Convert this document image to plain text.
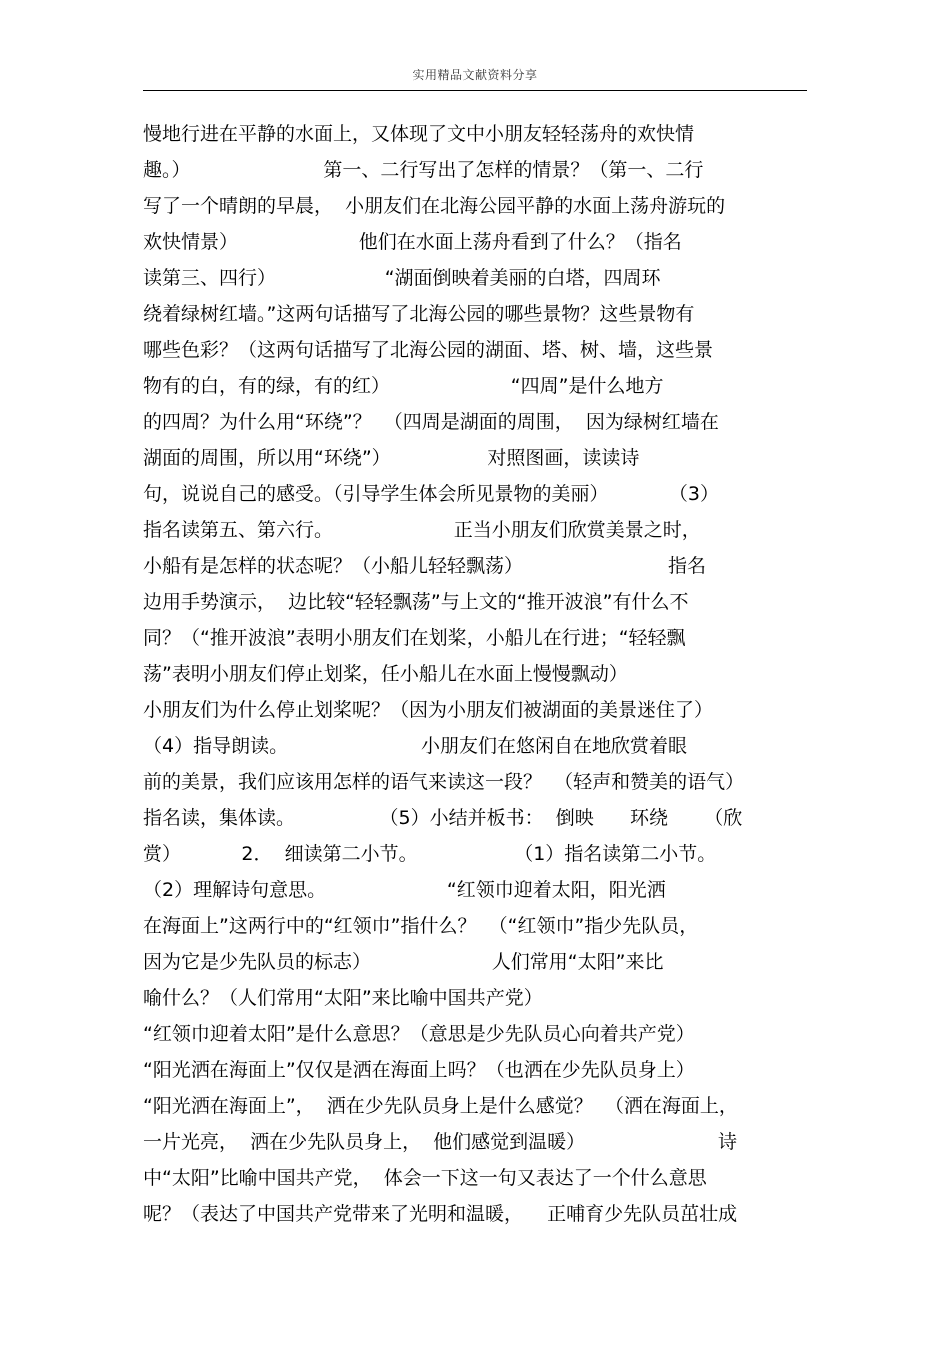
实用精品文献资料分享
慢地行进在平静的水面上，又体现了文中小朋友轻轻荡舟的欢快情
趣。）                      第一、二行写出了怎样的情景？（第一、二行
写了一个晴朗的早晨，  小朋友们在北海公园平静的水面上荡舟游玩的
欢快情景）                    他们在水面上荡舟看到了什么？（指名
读第三、四行）                  “湖面倒映着美丽的白塔，四周环
绕着绿树红墙。”这两句话描写了北海公园的哪些景物？这些景物有
哪些色彩？（这两句话描写了北海公园的湖面、塔、树、墙，这些景
物有的白，有的绿，有的红）                    “四周”是什么地方
的四周？为什么用“环绕”？  （四周是湖面的周围，  因为绿树红墙在
湖面的周围，所以用“环绕”）                对照图画，读读诗
句，说说自己的感受。（引导学生体会所见景物的美丽）          （3）
指名读第五、第六行。                    正当小朋友们欣赏美景之时，
小船有是怎样的状态呢？（小船儿轻轻飘荡）                        指名
边用手势演示，  边比较“轻轻飘荡”与上文的“推开波浪”有什么不
同？（“推开波浪”表明小朋友们在划桨，小船儿在行进；“轻轻飘
荡”表明小朋友们停止划桨，任小船儿在水面上慢慢飘动）
小朋友们为什么停止划桨呢？（因为小朋友们被湖面的美景迷住了）
（4）指导朗读。                      小朋友们在悠闲自在地欣赏着眼
前的美景，我们应该用怎样的语气来读这一段？  （轻声和赞美的语气）
指名读，集体读。              （5）小结并板书：  倒映      环绕      （欣
赏）          2．  细读第二小节。                （1）指名读第二小节。
（2）理解诗句意思。                    “红领巾迎着太阳，阳光洒
在海面上”这两行中的“红领巾”指什么？  （“红领巾”指少先队员，
因为它是少先队员的标志）                    人们常用“太阳”来比
喻什么？（人们常用“太阳”来比喻中国共产党）
“红领巾迎着太阳”是什么意思？（意思是少先队员心向着共产党）
“阳光洒在海面上”仅仅是洒在海面上吗？（也洒在少先队员身上）
“阳光洒在海面上”，  洒在少先队员身上是什么感觉？  （洒在海面上，
一片光亮，  洒在少先队员身上，  他们感觉到温暖）                      诗
中“太阳”比喻中国共产党，  体会一下这一句又表达了一个什么意思
呢？（表达了中国共产党带来了光明和温暖，    正哺育少先队员茁壮成
